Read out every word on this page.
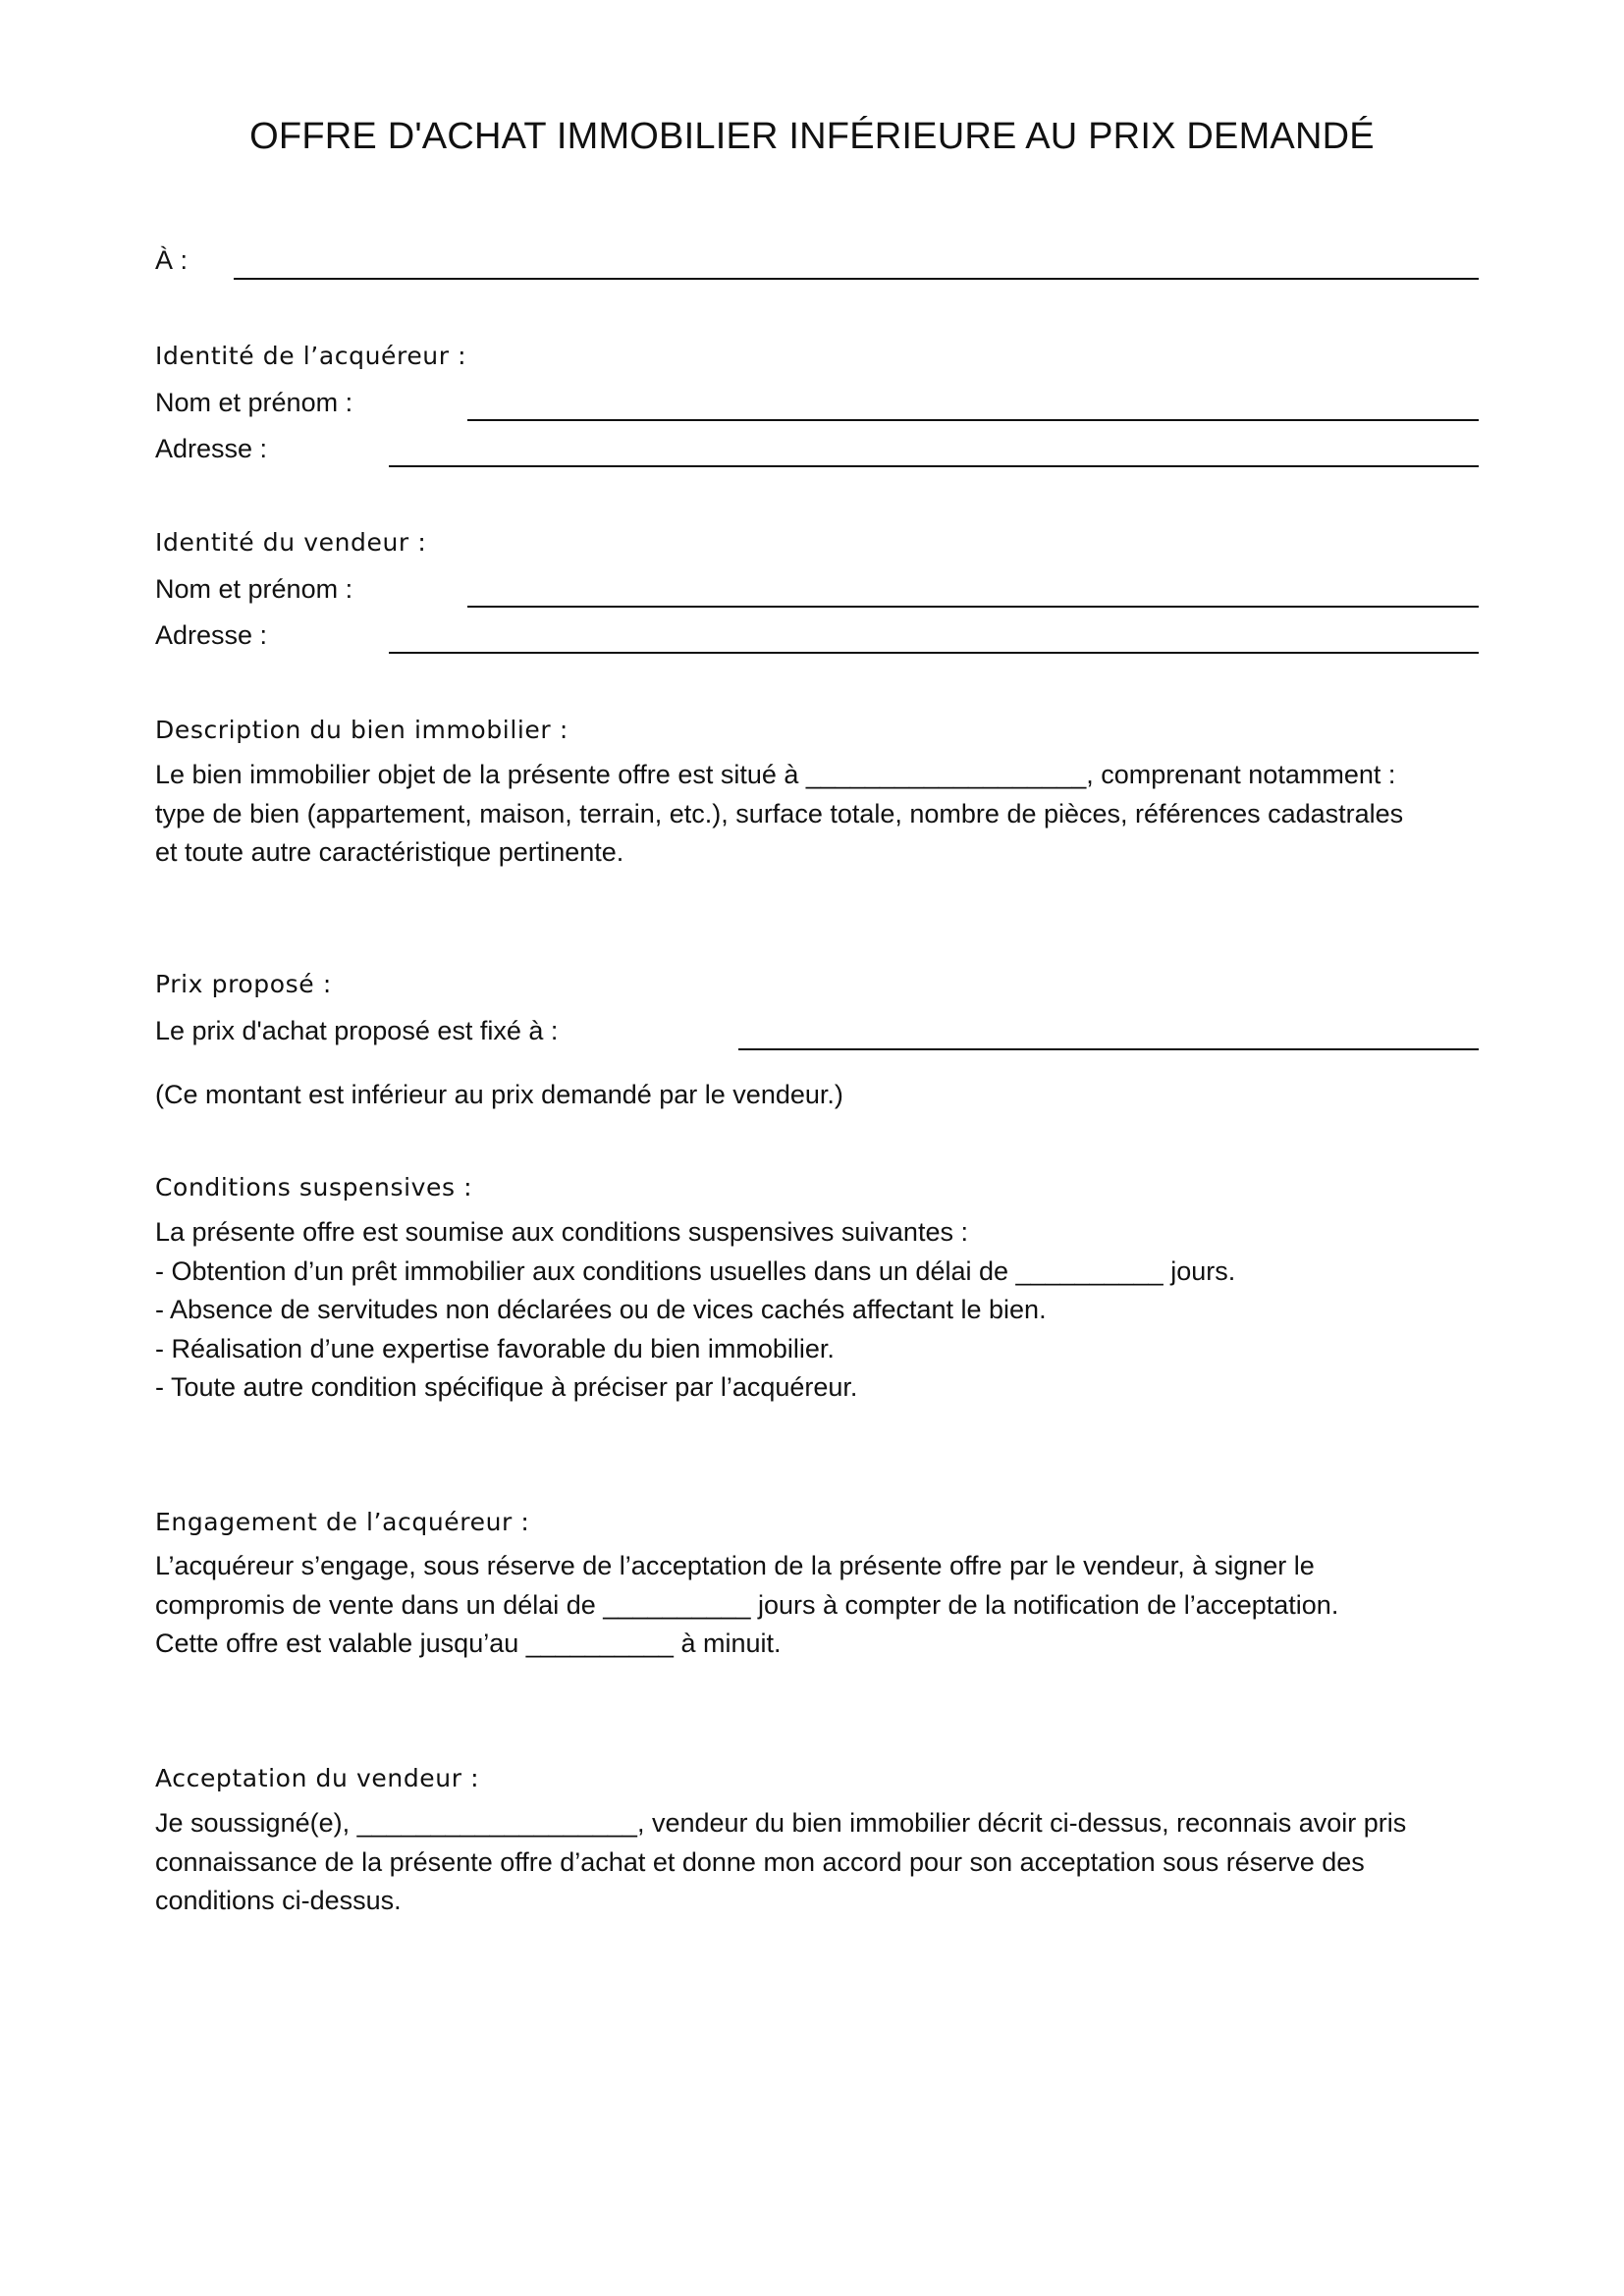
OFFRE D'ACHAT IMMOBILIER INFÉRIEURE AU PRIX DEMANDÉ
À :
Identité de l’acquéreur :
Nom et prénom :
Adresse :
Identité du vendeur :
Nom et prénom :
Adresse :
Description du bien immobilier :
Le bien immobilier objet de la présente offre est situé à ___________________, comprenant notamment :
type de bien (appartement, maison, terrain, etc.), surface totale, nombre de pièces, références cadastrales
et toute autre caractéristique pertinente.
Prix proposé :
Le prix d'achat proposé est fixé à :
(Ce montant est inférieur au prix demandé par le vendeur.)
Conditions suspensives :
La présente offre est soumise aux conditions suspensives suivantes :
- Obtention d’un prêt immobilier aux conditions usuelles dans un délai de __________ jours.
- Absence de servitudes non déclarées ou de vices cachés affectant le bien.
- Réalisation d’une expertise favorable du bien immobilier.
- Toute autre condition spécifique à préciser par l’acquéreur.
Engagement de l’acquéreur :
L’acquéreur s’engage, sous réserve de l’acceptation de la présente offre par le vendeur, à signer le
compromis de vente dans un délai de __________ jours à compter de la notification de l’acceptation.
Cette offre est valable jusqu’au __________ à minuit.
Acceptation du vendeur :
Je soussigné(e), ___________________, vendeur du bien immobilier décrit ci-dessus, reconnais avoir pris
connaissance de la présente offre d’achat et donne mon accord pour son acceptation sous réserve des
conditions ci-dessus.
